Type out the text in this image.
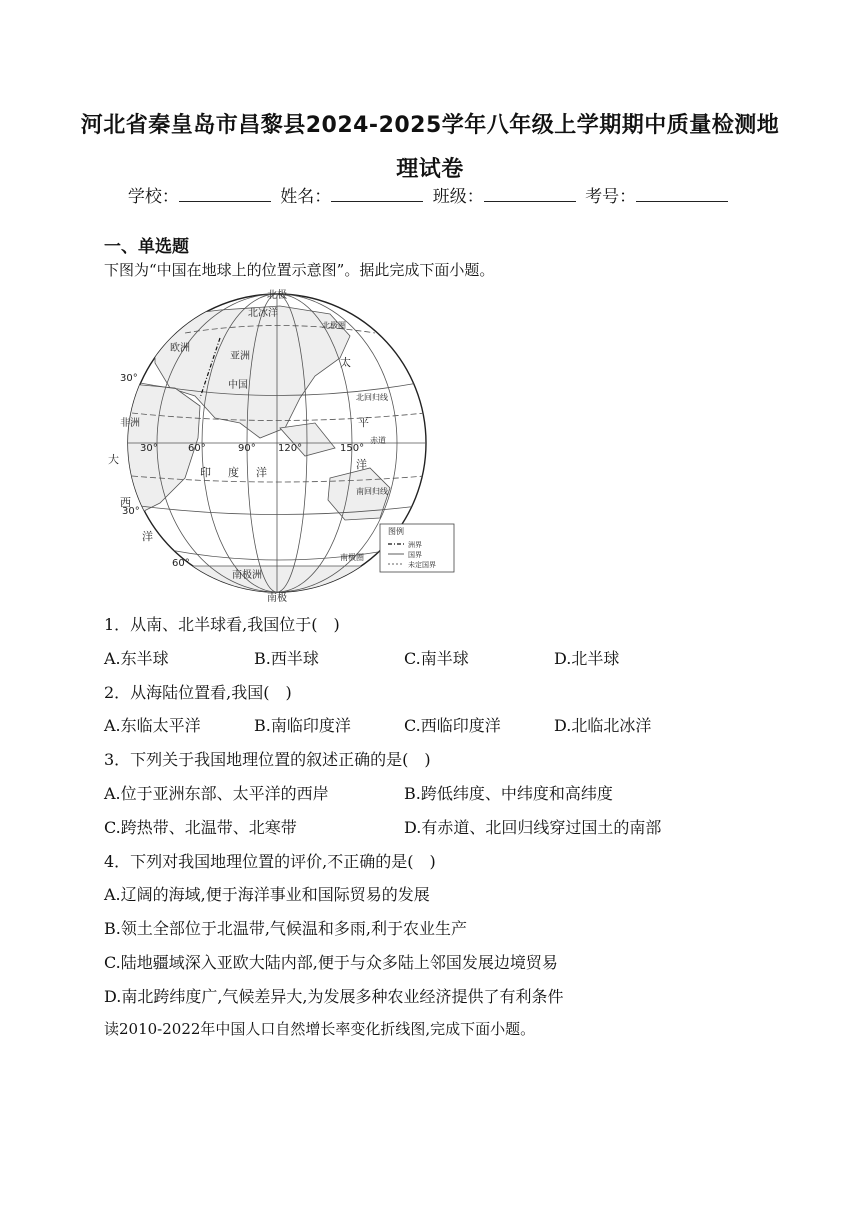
河北省秦皇岛市昌黎县2024-2025学年八年级上学期期中质量检测地
理试卷
学校：	姓名：	班级：	考号：
一、单选题
下图为“中国在地球上的位置示意图”。据此完成下面小题。
北极
南极
北冰洋
北极圈
欧洲
亚洲
中国
非洲
北回归线
赤道
南回归线
南极圈
南极洲
太
平
洋
印 度 洋
大
西
洋
30°
30°
60°
30°	60°	90° 120°	150°
图例
洲界
国界
未定国界
1．从南、北半球看,我国位于(　)
A.东半球	B.西半球	C.南半球	D.北半球
2．从海陆位置看,我国(　)
A.东临太平洋	B.南临印度洋	C.西临印度洋	D.北临北冰洋
3．下列关于我国地理位置的叙述正确的是(　)
A.位于亚洲东部、太平洋的西岸	B.跨低纬度、中纬度和高纬度
C.跨热带、北温带、北寒带	D.有赤道、北回归线穿过国土的南部
4．下列对我国地理位置的评价,不正确的是(　)
A.辽阔的海域,便于海洋事业和国际贸易的发展
B.领土全部位于北温带,气候温和多雨,利于农业生产
C.陆地疆域深入亚欧大陆内部,便于与众多陆上邻国发展边境贸易
D.南北跨纬度广,气候差异大,为发展多种农业经济提供了有利条件
读2010-2022年中国人口自然增长率变化折线图,完成下面小题。
